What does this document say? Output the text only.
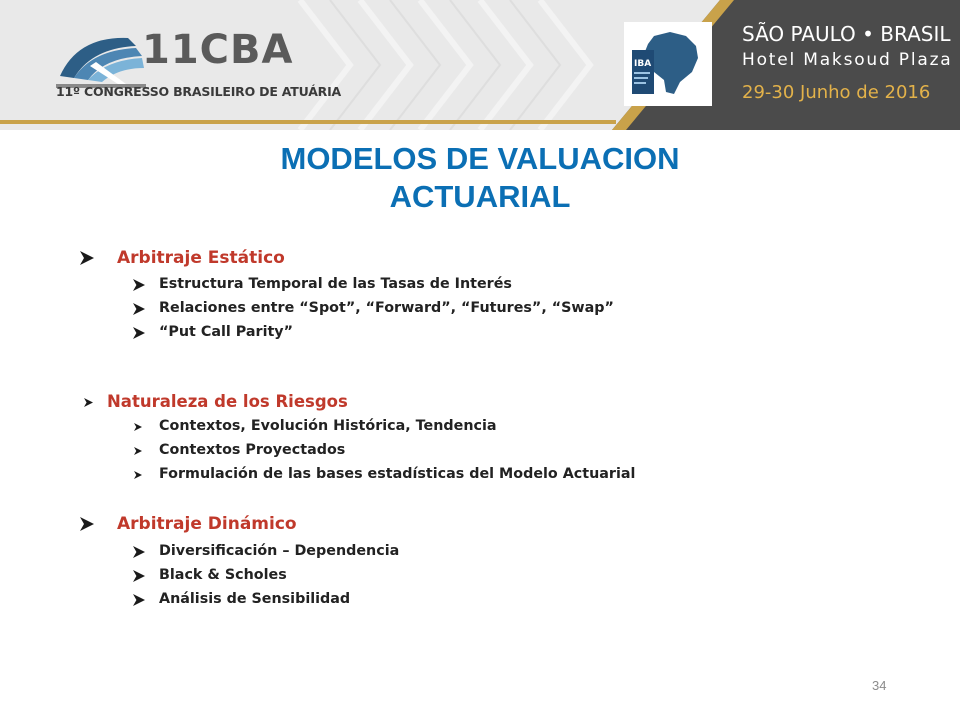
11CBA
11º CONGRESSO BRASILEIRO DE ATUÁRIA
IBA
SÃO PAULO • BRASIL
Hotel Maksoud Plaza
29-30 Junho de 2016
MODELOS DE VALUACION
ACTUARIAL
Arbitraje Estático
Estructura Temporal de las Tasas de Interés
Relaciones entre “Spot”, “Forward”, “Futures”, “Swap”
“Put Call Parity”
Naturaleza de los Riesgos
Contextos, Evolución Histórica, Tendencia
Contextos Proyectados
Formulación de las bases estadísticas del Modelo Actuarial
Arbitraje Dinámico
Diversificación – Dependencia
Black & Scholes
Análisis de Sensibilidad
34
